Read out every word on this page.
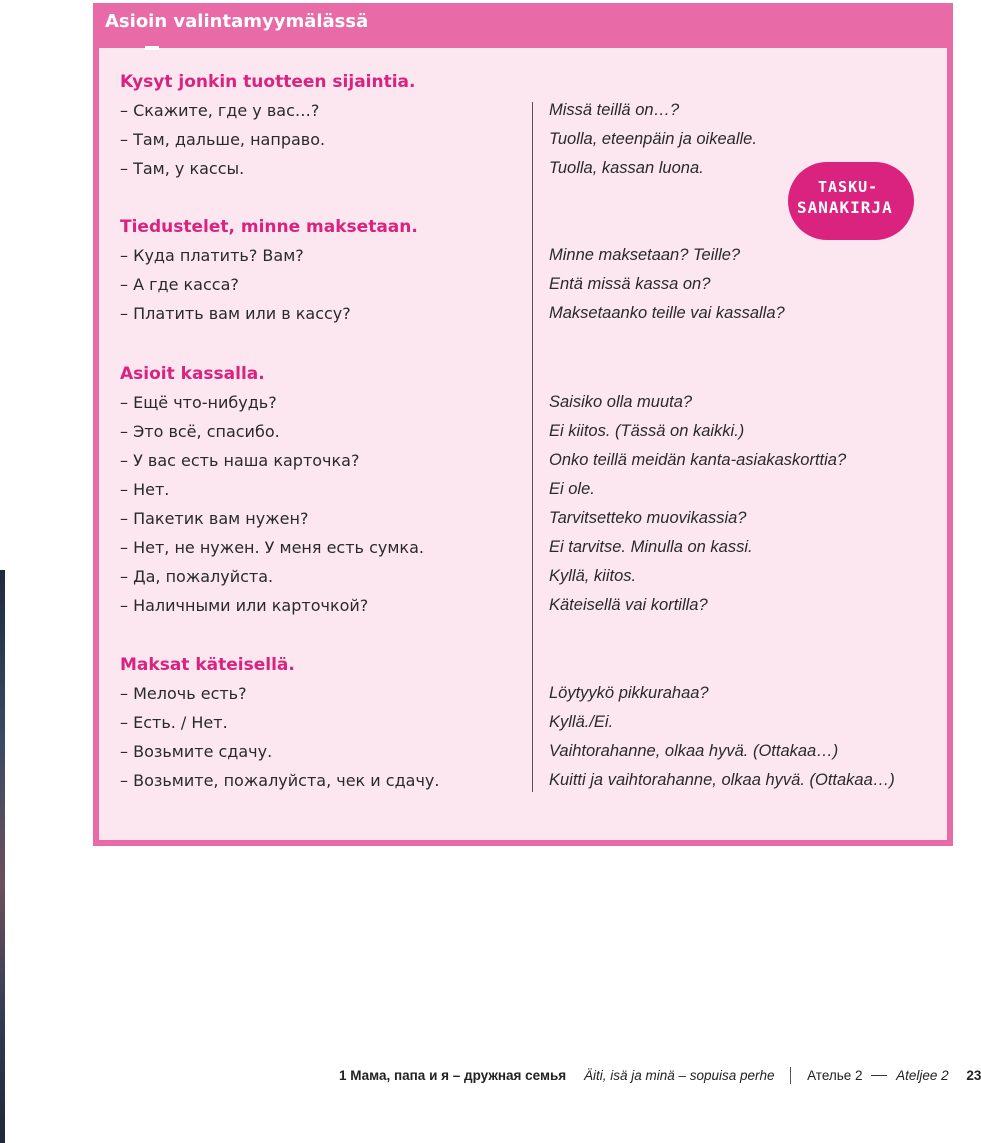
Asioin valintamyymälässä
Kysyt jonkin tuotteen sijaintia.
– Скажите, где у вас…?
– Там, дальше, направо.
– Там, у кассы.
Missä teillä on…?
Tuolla, eteenpäin ja oikealle.
Tuolla, kassan luona.
Tiedustelet, minne maksetaan.
– Куда платить? Вам?
– А где касса?
– Платить вам или в кассу?
Minne maksetaan? Teille?
Entä missä kassa on?
Maksetaanko teille vai kassalla?
Asioit kassalla.
– Ещё что-нибудь?
– Это всё, спасибо.
– У вас есть наша карточка?
– Нет.
– Пакетик вам нужен?
– Нет, не нужен. У меня есть сумка.
– Да, пожалуйста.
– Наличными или карточкой?
Saisiko olla muuta?
Ei kiitos. (Tässä on kaikki.)
Onko teillä meidän kanta-asiakaskorttia?
Ei ole.
Tarvitsetteko muovikassia?
Ei tarvitse. Minulla on kassi.
Kyllä, kiitos.
Käteisellä vai kortilla?
Maksat käteisellä.
– Мелочь есть?
– Есть. / Нет.
– Возьмите сдачу.
– Возьмите, пожалуйста, чек и сдачу.
Löytyykö pikkurahaa?
Kyllä./Ei.
Vaihtorahanne, olkaa hyvä. (Ottakaa…)
Kuitti ja vaihtorahanne, olkaa hyvä. (Ottakaa…)
TASKU-
SANAKIRJA
1 Мама, папа и я – дружная семья Äiti, isä ja minä – sopuisa perhe Ателье 2 Ateljee 2 23
